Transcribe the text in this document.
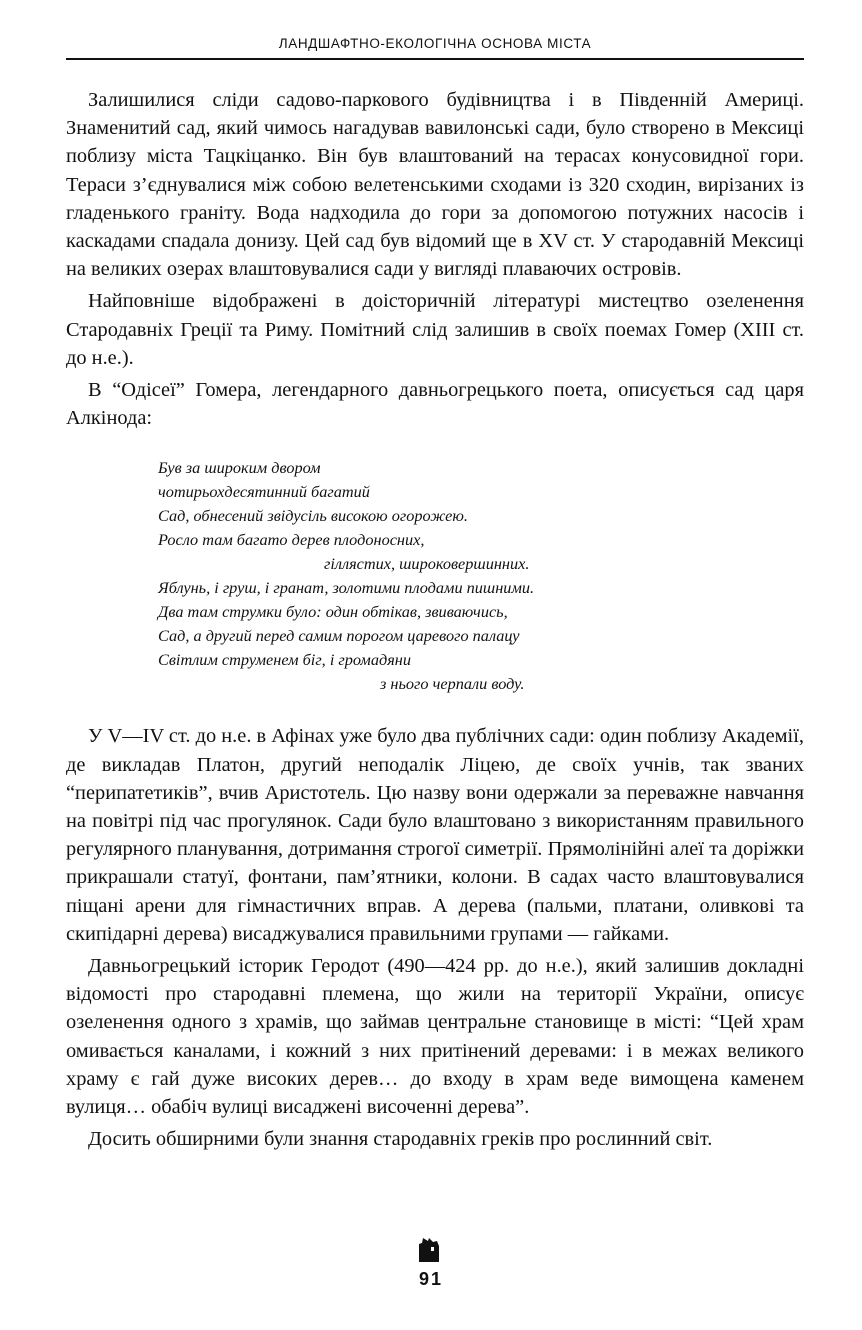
ЛАНДШАФТНО-ЕКОЛОГІЧНА ОСНОВА МІСТА

Залишилися сліди садово-паркового будівництва і в Південній Америці. Знаменитий сад, який чимось нагадував вавилонські сади, було створено в Мексиці поблизу міста Тацкіцанко. Він був влаштований на терасах конусовидної гори. Тераси з’єднувалися між собою велетенськими сходами із 320 сходин, вирізаних із гладенького граніту. Вода надходила до гори за допомогою потужних насосів і каскадами спадала донизу. Цей сад був відомий ще в XV ст. У стародавній Мексиці на великих озерах влаштовувалися сади у вигляді плаваючих островів.

Найповніше відображені в доісторичній літературі мистецтво озеленення Стародавніх Греції та Риму. Помітний слід залишив в своїх поемах Гомер (XIII ст. до н.е.).

В “Одісеї” Гомера, легендарного давньогрецького поета, описується сад царя Алкінода:

Був за широким двором
чотирьохдесятинний багатий
Сад, обнесений звідусіль високою огорожею.
Росло там багато дерев плодоносних,
гіллястих, широковершинних.
Яблунь, і груш, і гранат, золотими плодами пишними.
Два там струмки було: один обтікав, звиваючись,
Сад, а другий перед самим порогом царевого палацу
Світлим струменем біг, і громадяни
з нього черпали воду.

У V—IV ст. до н.е. в Афінах уже було два публічних сади: один поблизу Академії, де викладав Платон, другий неподалік Ліцею, де своїх учнів, так званих “перипатетиків”, вчив Аристотель. Цю назву вони одержали за переважне навчання на повітрі під час прогулянок. Сади було влаштовано з використанням правильного регулярного планування, дотримання строгої симетрії. Прямолінійні алеї та доріжки прикрашали статуї, фонтани, пам’ятники, колони. В садах часто влаштовувалися піщані арени для гімнастичних вправ. А дерева (пальми, платани, оливкові та скипідарні дерева) висаджувалися правильними групами — гайками.

Давньогрецький історик Геродот (490—424 рр. до н.е.), який залишив докладні відомості про стародавні племена, що жили на території України, описує озеленення одного з храмів, що займав центральне становище в місті: “Цей храм омивається каналами, і кожний з них притінений деревами: і в межах великого храму є гай дуже високих дерев… до входу в храм веде вимощена каменем вулиця… обабіч вулиці висаджені височенні дерева”.

Досить обширними були знання стародавніх греків про рослинний світ.

91
